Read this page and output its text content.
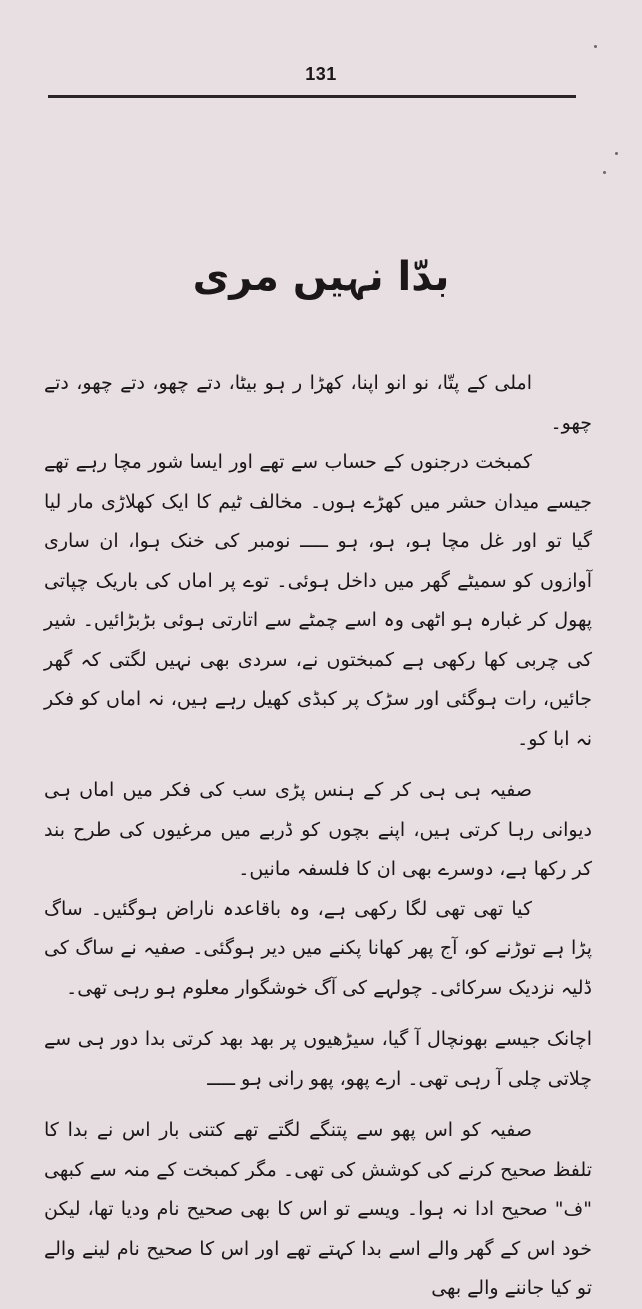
131
بدّا نہیں مری

املی کے پتّا، نو انو اپنا، کھڑا ر ہو بیٹا، دتے چھو، دتے چھو، دتے چھو۔

کمبخت درجنوں کے حساب سے تھے اور ایسا شور مچا رہے تھے جیسے میدان حشر میں کھڑے ہوں۔ مخالف ٹیم کا ایک کھلاڑی مار لیا گیا تو اور غل مچا ہو، ہو، ہو ـــــ نومبر کی خنک ہوا، ان ساری آوازوں کو سمیٹے گھر میں داخل ہوئی۔ توے پر اماں کی باریک چپاتی پھول کر غبارہ ہو اٹھی وہ اسے چمٹے سے اتارتی ہوئی بڑبڑائیں۔ شیر کی چربی کھا رکھی ہے کمبختوں نے، سردی بھی نہیں لگتی کہ گھر جائیں، رات ہوگئی اور سڑک پر کبڈی کھیل رہے ہیں، نہ اماں کو فکر نہ ابا کو۔

صفیہ ہی ہی کر کے ہنس پڑی سب کی فکر میں اماں ہی دیوانی رہا کرتی ہیں، اپنے بچوں کو ڈربے میں مرغیوں کی طرح بند کر رکھا ہے، دوسرے بھی ان کا فلسفہ مانیں۔

کیا تھی تھی لگا رکھی ہے، وہ باقاعدہ ناراض ہوگئیں۔ ساگ پڑا ہے توڑنے کو، آج پھر کھانا پکنے میں دیر ہوگئی۔ صفیہ نے ساگ کی ڈلیہ نزدیک سرکائی۔ چولہے کی آگ خوشگوار معلوم ہو رہی تھی۔

اچانک جیسے بھونچال آ گیا، سیڑھیوں پر بھد بھد کرتی بدا دور ہی سے چلاتی چلی آ رہی تھی۔ ارے پھو، پھو رانی ہو ـــــ

صفیہ کو اس پھو سے پتنگے لگتے تھے کتنی بار اس نے بدا کا تلفظ صحیح کرنے کی کوشش کی تھی۔ مگر کمبخت کے منہ سے کبھی "ف" صحیح ادا نہ ہوا۔ ویسے تو اس کا بھی صحیح نام ودیا تھا، لیکن خود اس کے گھر والے اسے بدا کہتے تھے اور اس کا صحیح نام لینے والے تو کیا جاننے والے بھی
